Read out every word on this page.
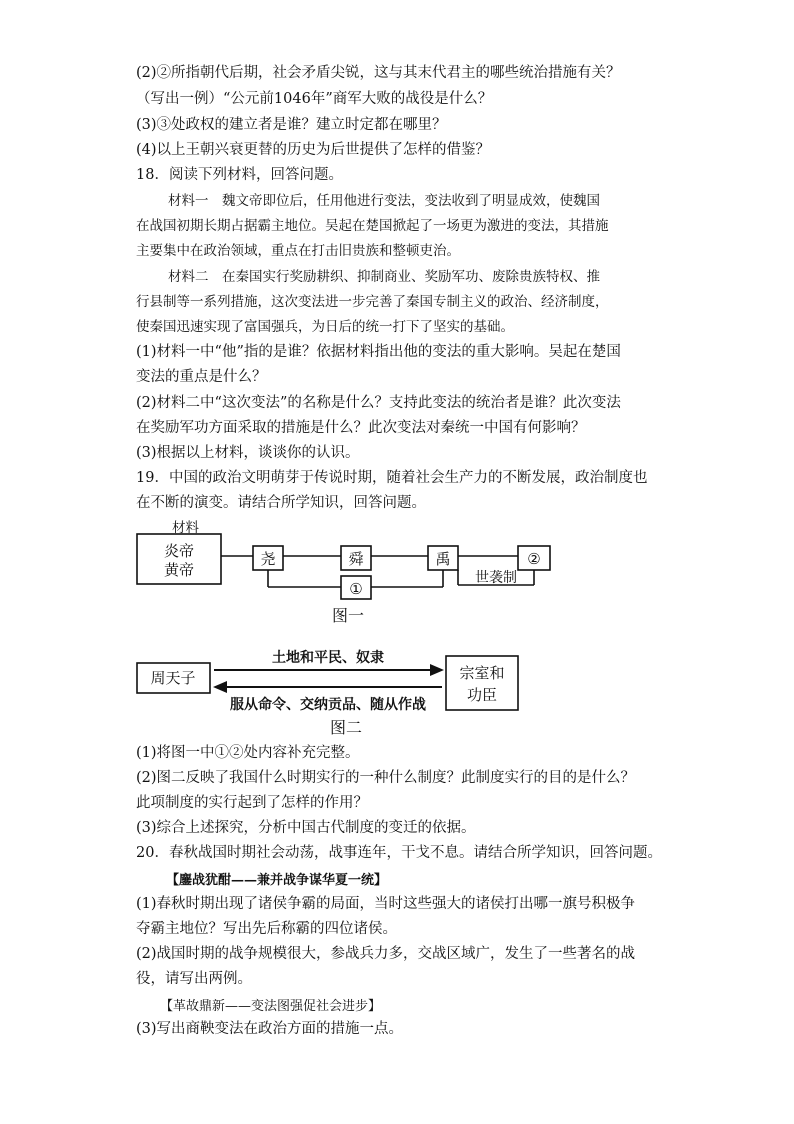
(2)②所指朝代后期，社会矛盾尖锐，这与其末代君主的哪些统治措施有关？
（写出一例）“公元前1046年”商军大败的战役是什么？
(3)③处政权的建立者是谁？建立时定都在哪里？
(4)以上王朝兴衰更替的历史为后世提供了怎样的借鉴？
18．阅读下列材料，回答问题。
材料一　魏文帝即位后，任用他进行变法，变法收到了明显成效，使魏国
在战国初期长期占据霸主地位。吴起在楚国掀起了一场更为激进的变法，其措施
主要集中在政治领域，重点在打击旧贵族和整顿吏治。
材料二　在秦国实行奖励耕织、抑制商业、奖励军功、废除贵族特权、推
行县制等一系列措施，这次变法进一步完善了秦国专制主义的政治、经济制度，
使秦国迅速实现了富国强兵，为日后的统一打下了坚实的基础。
(1)材料一中“他”指的是谁？依据材料指出他的变法的重大影响。吴起在楚国
变法的重点是什么？
(2)材料二中“这次变法”的名称是什么？支持此变法的统治者是谁？此次变法
在奖励军功方面采取的措施是什么？此次变法对秦统一中国有何影响？
(3)根据以上材料，谈谈你的认识。
19．中国的政治文明萌芽于传说时期，随着社会生产力的不断发展，政治制度也
在不断的演变。请结合所学知识，回答问题。
材料
炎帝
黄帝
尧	舜	禹	②
①
世袭制
图一
周天子	宗室和
功臣
土地和平民、奴隶
服从命令、交纳贡品、随从作战
图二
(1)将图一中①②处内容补充完整。
(2)图二反映了我国什么时期实行的一种什么制度？此制度实行的目的是什么？
此项制度的实行起到了怎样的作用？
(3)综合上述探究，分析中国古代制度的变迁的依据。
20．春秋战国时期社会动荡，战事连年，干戈不息。请结合所学知识，回答问题。
【鏖战犹酣——兼并战争谋华夏一统】
(1)春秋时期出现了诸侯争霸的局面，当时这些强大的诸侯打出哪一旗号积极争
夺霸主地位？写出先后称霸的四位诸侯。
(2)战国时期的战争规模很大，参战兵力多，交战区域广，发生了一些著名的战
役，请写出两例。
【革故鼎新——变法图强促社会进步】
(3)写出商鞅变法在政治方面的措施一点。
